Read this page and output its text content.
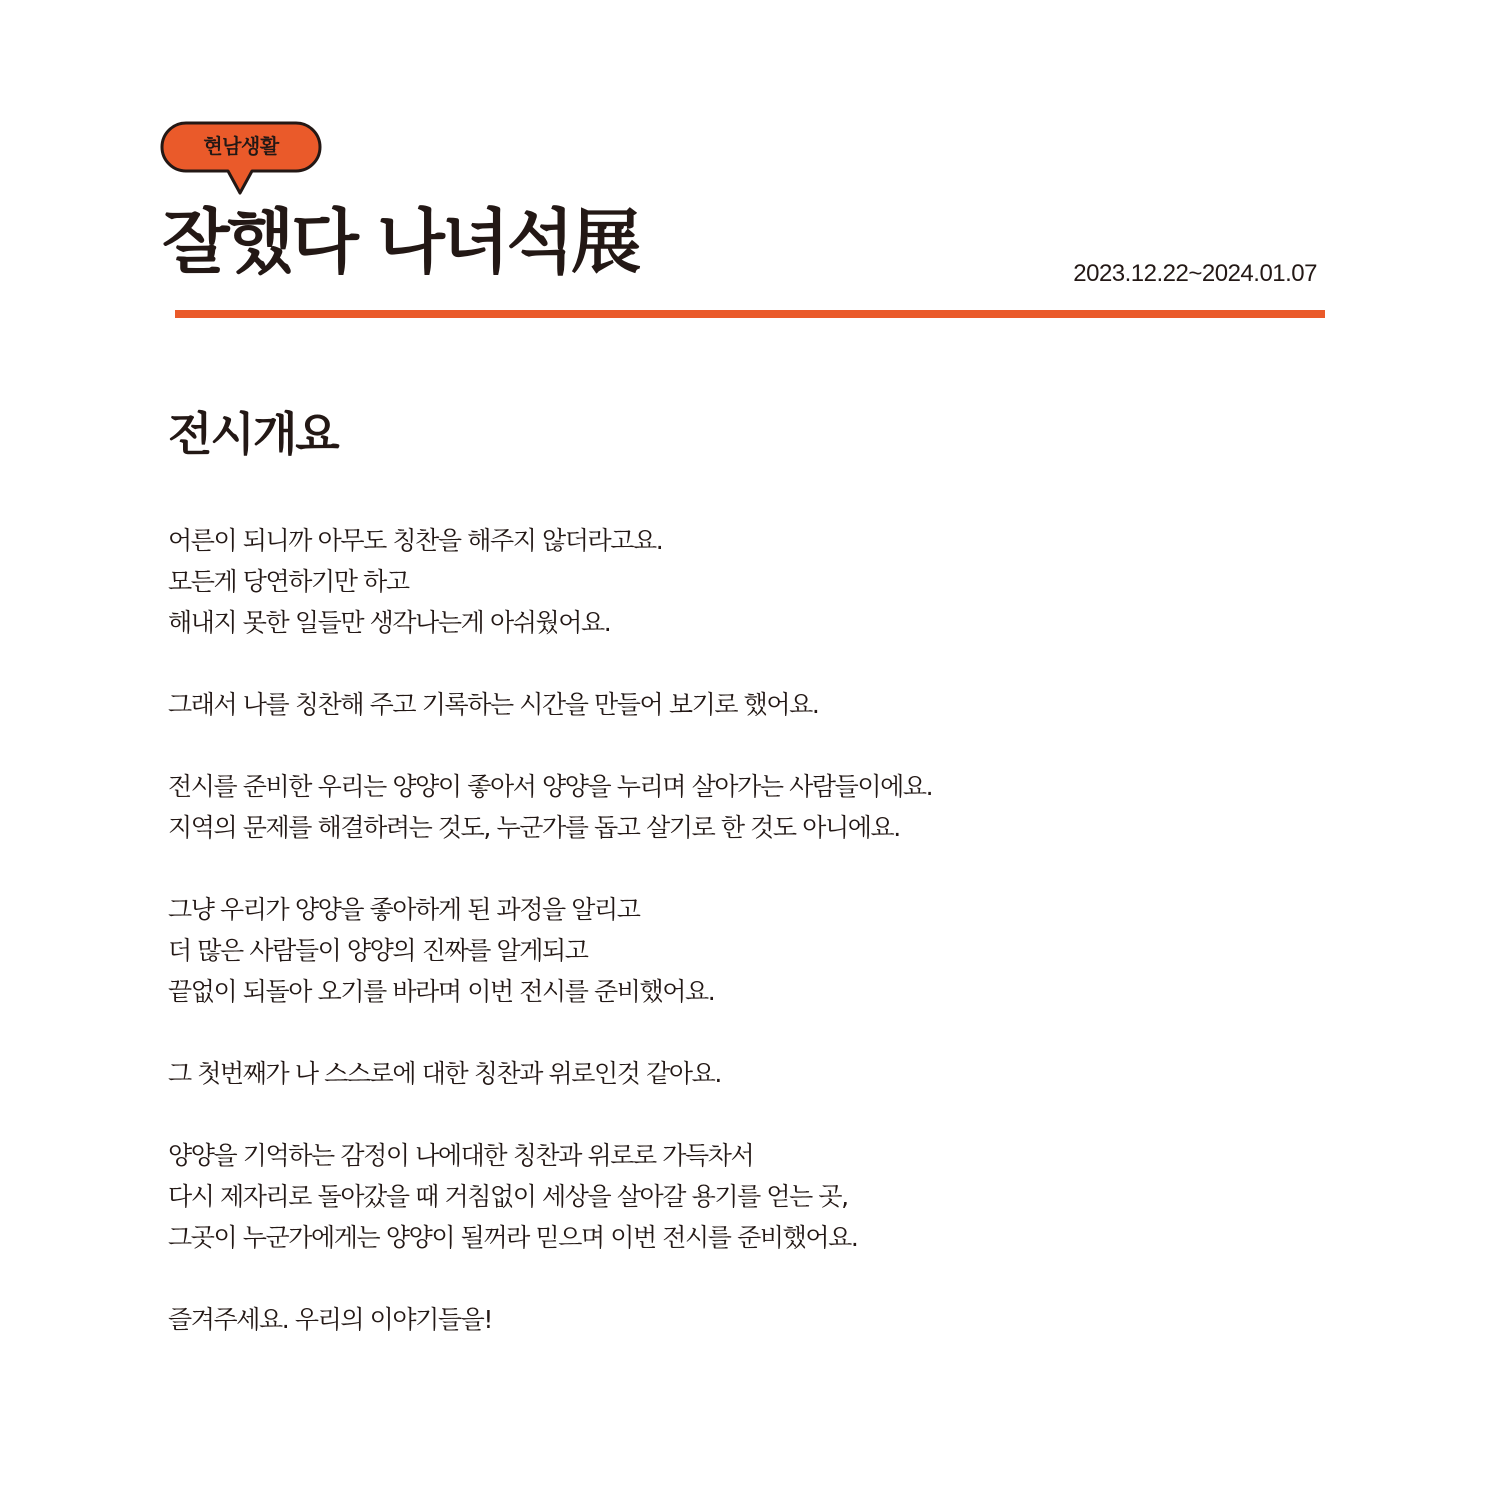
현남생활
잘했다 나녀석展	2023.12.22~2024.01.07
전시개요

어른이 되니까 아무도 칭찬을 해주지 않더라고요.
모든게 당연하기만 하고
해내지 못한 일들만 생각나는게 아쉬웠어요.

그래서 나를 칭찬해 주고 기록하는 시간을 만들어 보기로 했어요.

전시를 준비한 우리는 양양이 좋아서 양양을 누리며 살아가는 사람들이에요.
지역의 문제를 해결하려는 것도, 누군가를 돕고 살기로 한 것도 아니에요.

그냥 우리가 양양을 좋아하게 된 과정을 알리고
더 많은 사람들이 양양의 진짜를 알게되고
끝없이 되돌아 오기를 바라며 이번 전시를 준비했어요.

그 첫번째가 나 스스로에 대한 칭찬과 위로인것 같아요.

양양을 기억하는 감정이 나에대한 칭찬과 위로로 가득차서
다시 제자리로 돌아갔을 때 거침없이 세상을 살아갈 용기를 얻는 곳,
그곳이 누군가에게는 양양이 될꺼라 믿으며 이번 전시를 준비했어요.

즐겨주세요. 우리의 이야기들을!
